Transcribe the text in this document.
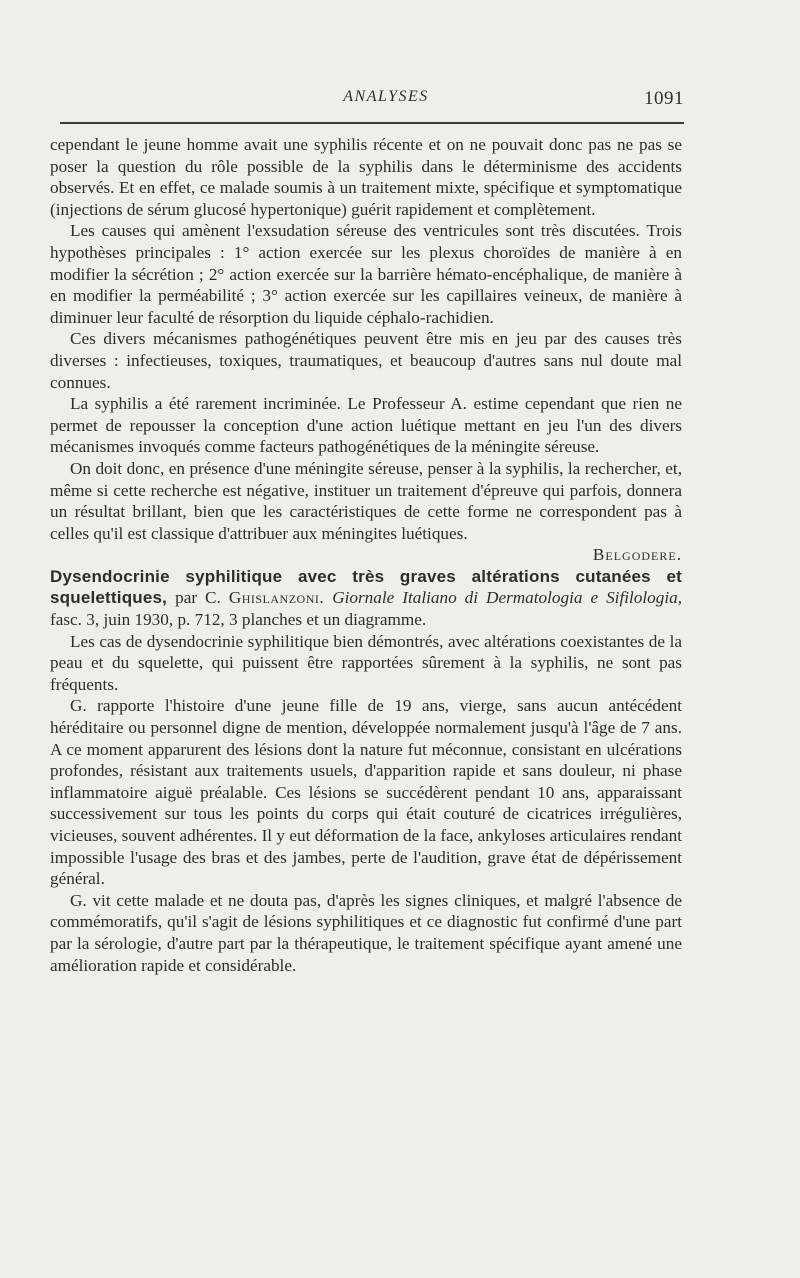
ANALYSES	1091

cependant le jeune homme avait une syphilis récente et on ne pouvait donc pas ne pas se poser la question du rôle possible de la syphilis dans le déterminisme des accidents observés. Et en effet, ce malade soumis à un traitement mixte, spécifique et symptomatique (injections de sérum glucosé hypertonique) guérit rapidement et complètement.

Les causes qui amènent l'exsudation séreuse des ventricules sont très discutées. Trois hypothèses principales : 1° action exercée sur les plexus choroïdes de manière à en modifier la sécrétion ; 2° action exercée sur la barrière hémato-encéphalique, de manière à en modifier la perméabilité ; 3° action exercée sur les capillaires veineux, de manière à diminuer leur faculté de résorption du liquide céphalo-rachidien.

Ces divers mécanismes pathogénétiques peuvent être mis en jeu par des causes très diverses : infectieuses, toxiques, traumatiques, et beaucoup d'autres sans nul doute mal connues.

La syphilis a été rarement incriminée. Le Professeur A. estime cependant que rien ne permet de repousser la conception d'une action luétique mettant en jeu l'un des divers mécanismes invoqués comme facteurs pathogénétiques de la méningite séreuse.

On doit donc, en présence d'une méningite séreuse, penser à la syphilis, la rechercher, et, même si cette recherche est négative, instituer un traitement d'épreuve qui parfois, donnera un résultat brillant, bien que les caractéristiques de cette forme ne correspondent pas à celles qu'il est classique d'attribuer aux méningites luétiques.

Belgodere.

Dysendocrinie syphilitique avec très graves altérations cutanées et squelettiques, par C. Ghislanzoni. Giornale Italiano di Dermatologia e Sifilologia, fasc. 3, juin 1930, p. 712, 3 planches et un diagramme.

Les cas de dysendocrinie syphilitique bien démontrés, avec altérations coexistantes de la peau et du squelette, qui puissent être rapportées sûrement à la syphilis, ne sont pas fréquents.

G. rapporte l'histoire d'une jeune fille de 19 ans, vierge, sans aucun antécédent héréditaire ou personnel digne de mention, développée normalement jusqu'à l'âge de 7 ans. A ce moment apparurent des lésions dont la nature fut méconnue, consistant en ulcérations profondes, résistant aux traitements usuels, d'apparition rapide et sans douleur, ni phase inflammatoire aiguë préalable. Ces lésions se succédèrent pendant 10 ans, apparaissant successivement sur tous les points du corps qui était couturé de cicatrices irrégulières, vicieuses, souvent adhérentes. Il y eut déformation de la face, ankyloses articulaires rendant impossible l'usage des bras et des jambes, perte de l'audition, grave état de dépérissement général.

G. vit cette malade et ne douta pas, d'après les signes cliniques, et malgré l'absence de commémoratifs, qu'il s'agit de lésions syphilitiques et ce diagnostic fut confirmé d'une part par la sérologie, d'autre part par la thérapeutique, le traitement spécifique ayant amené une amélioration rapide et considérable.
